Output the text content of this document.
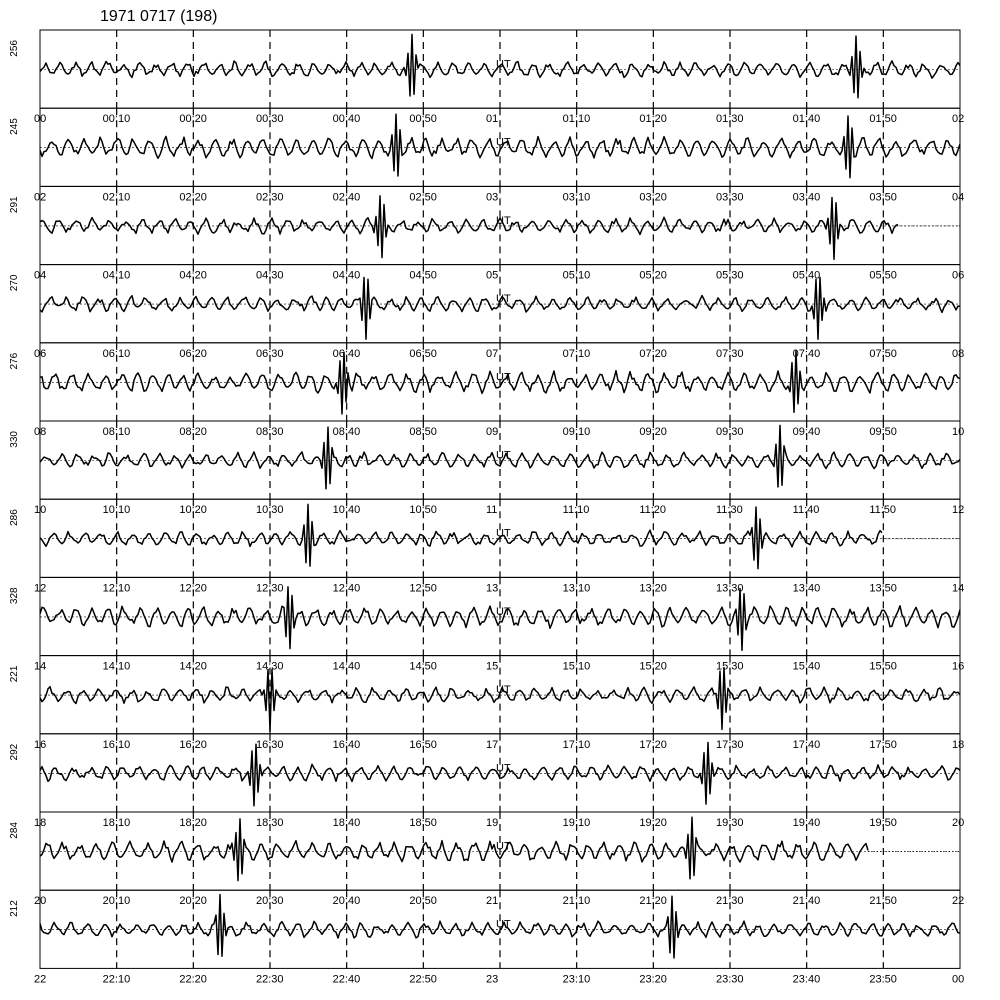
1971 0717 (198)
256
00	00:10	00:20	00:30	00:40	00:50	01	01:10	01:20	01:30	01:40	01:50	02
UT
245
02	02:10	02:20	02:30	02:40	02:50	03	03:10	03:20	03:30	03:40	03:50	04
UT
291
04	04:10	04:20	04:30	04:40	04:50	05	05:10	05:20	05:30	05:40	05:50	06
UT
270
06	06:10	06:20	06:30	06:40	06:50	07	07:10	07:20	07:30	07:40	07:50	08
UT
276
08	08:10	08:20	08:30	08:40	08:50	09	09:10	09:20	09:30	09:40	09:50	10
UT
330
10	10:10	10:20	10:30	10:40	10:50	11	11:10	11:20	11:30	11:40	11:50	12
UT
286
12	12:10	12:20	12:30	12:40	12:50	13	13:10	13:20	13:30	13:40	13:50	14
UT
328
14	14:10	14:20	14:30	14:40	14:50	15	15:10	15:20	15:30	15:40	15:50	16
UT
221
16	16:10	16:20	16:30	16:40	16:50	17	17:10	17:20	17:30	17:40	17:50	18
UT
292
18	18:10	18:20	18:30	18:40	18:50	19	19:10	19:20	19:30	19:40	19:50	20
UT
284
20	20:10	20:20	20:30	20:40	20:50	21	21:10	21:20	21:30	21:40	21:50	22
UT
212
22	22:10	22:20	22:30	22:40	22:50	23	23:10	23:20	23:30	23:40	23:50	00
UT
